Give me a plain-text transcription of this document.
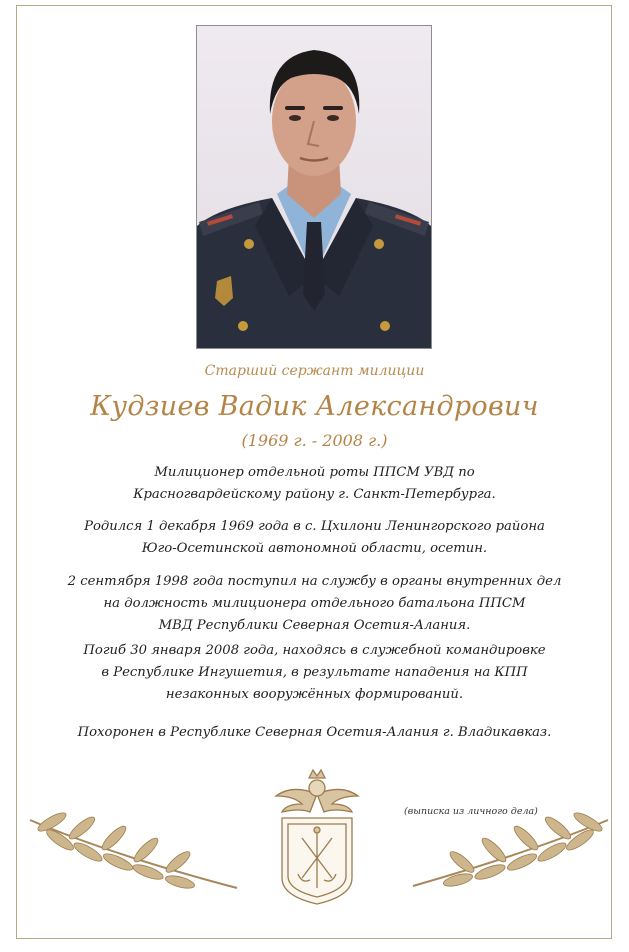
Старший сержант милиции
Кудзиев Вадик Александрович
(1969 г. - 2008 г.)
Милиционер отдельной роты ППСМ УВД по
Красногвардейскому району г. Санкт-Петербурга.
Родился 1 декабря 1969 года в с. Цхилони Ленингорского района
Юго-Осетинской автономной области, осетин.
2 сентября 1998 года поступил на службу в органы внутренних дел
на должность милиционера отдельного батальона ППСМ
МВД Республики Северная Осетия-Алания.
Погиб 30 января 2008 года, находясь в служебной командировке
в Республике Ингушетия, в результате нападения на КПП
незаконных вооружённых формирований.
Похоронен в Республике Северная Осетия-Алания г. Владикавказ.
(выписка из личного дела)
